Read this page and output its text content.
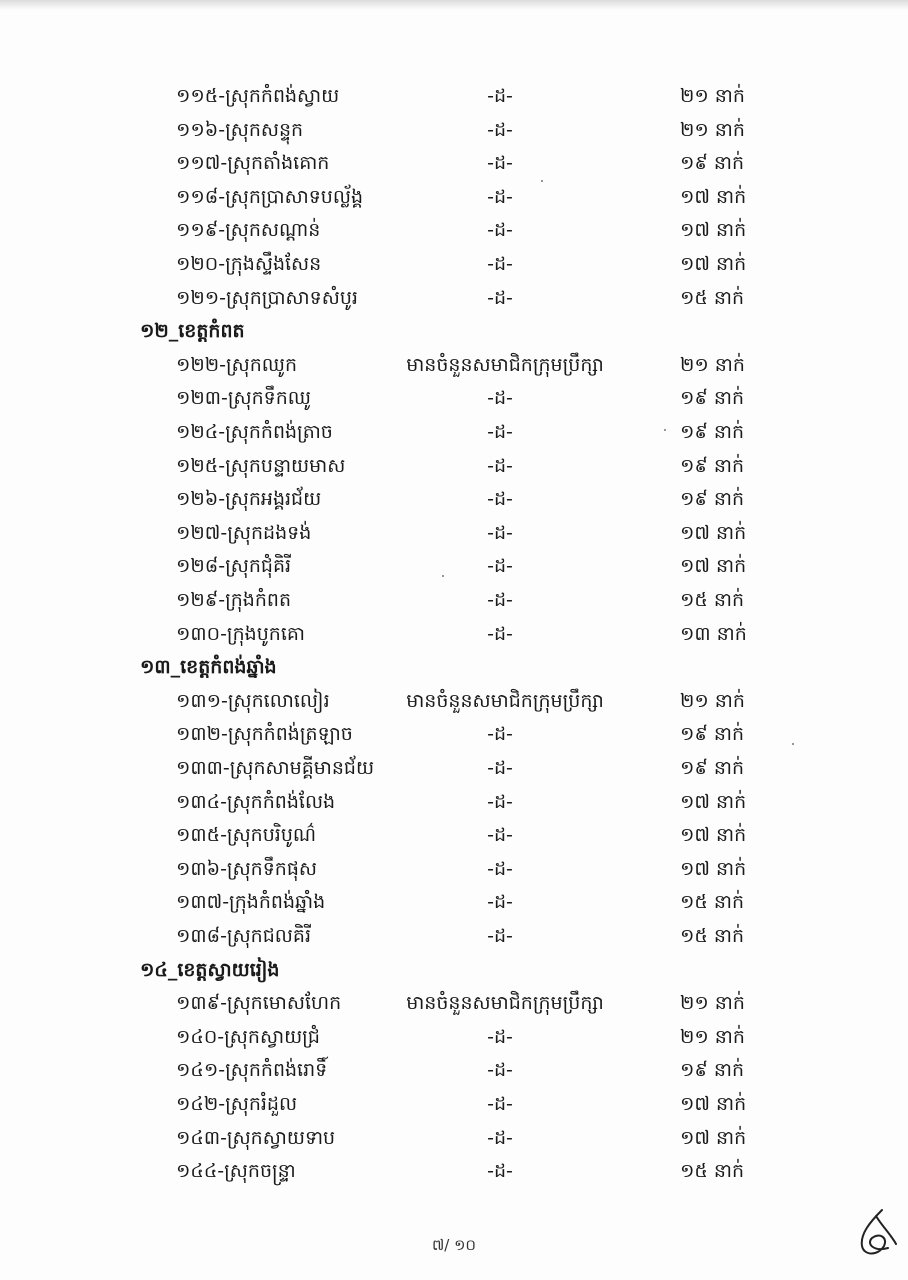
១១៥-ស្រុកកំពង់ស្វាយ	-ដ-	២១ នាក់
១១៦-ស្រុកសន្ទុក	-ដ-	២១ នាក់
១១៧-ស្រុកតាំងគោក	-ដ-	១៩ នាក់
១១៨-ស្រុកប្រាសាទបល្ល័ង្គ	-ដ-	១៧ នាក់
១១៩-ស្រុកសណ្ដាន់	-ដ-	១៧ នាក់
១២០-ក្រុងស្ទឹងសែន	-ដ-	១៧ នាក់
១២១-ស្រុកប្រាសាទសំបូរ	-ដ-	១៥ នាក់
១២_ខេត្តកំពត
១២២-ស្រុកឈូក	មានចំនួនសមាជិកក្រុមប្រឹក្សា	២១ នាក់
១២៣-ស្រុកទឹកឈូ	-ដ-	១៩ នាក់
១២៤-ស្រុកកំពង់ត្រាច	-ដ-	១៩ នាក់
១២៥-ស្រុកបន្ទាយមាស	-ដ-	១៩ នាក់
១២៦-ស្រុកអង្គរជ័យ	-ដ-	១៩ នាក់
១២៧-ស្រុកដងទង់	-ដ-	១៧ នាក់
១២៨-ស្រុកជុំគិរី	-ដ-	១៧ នាក់
១២៩-ក្រុងកំពត	-ដ-	១៥ នាក់
១៣០-ក្រុងបូកគោ	-ដ-	១៣ នាក់
១៣_ខេត្តកំពង់ឆ្នាំង
១៣១-ស្រុកលោលៀរ	មានចំនួនសមាជិកក្រុមប្រឹក្សា	២១ នាក់
១៣២-ស្រុកកំពង់ត្រឡាច	-ដ-	១៩ នាក់
១៣៣-ស្រុកសាមគ្គីមានជ័យ	-ដ-	១៩ នាក់
១៣៤-ស្រុកកំពង់លែង	-ដ-	១៧ នាក់
១៣៥-ស្រុកបរិបូណ៌	-ដ-	១៧ នាក់
១៣៦-ស្រុកទឹកផុស	-ដ-	១៧ នាក់
១៣៧-ក្រុងកំពង់ឆ្នាំង	-ដ-	១៥ នាក់
១៣៨-ស្រុកជលគិរី	-ដ-	១៥ នាក់
១៤_ខេត្តស្វាយរៀង
១៣៩-ស្រុកមោសហែក	មានចំនួនសមាជិកក្រុមប្រឹក្សា	២១ នាក់
១៤០-ស្រុកស្វាយជ្រំ	-ដ-	២១ នាក់
១៤១-ស្រុកកំពង់រោទិ៍	-ដ-	១៩ នាក់
១៤២-ស្រុករំដួល	-ដ-	១៧ នាក់
១៤៣-ស្រុកស្វាយទាប	-ដ-	១៧ នាក់
១៤៤-ស្រុកចន្ទ្រា	-ដ-	១៥ នាក់
៧/ ១០
